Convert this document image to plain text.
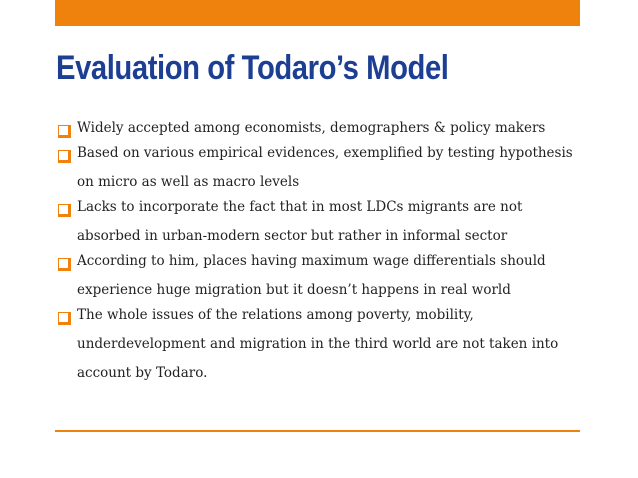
Evaluation of Todaro’s Model
Widely accepted among economists, demographers & policy makers
Based on various empirical evidences, exemplified by testing hypothesis on micro as well as macro levels
Lacks to incorporate the fact that in most LDCs migrants are not absorbed in urban-modern sector but rather in informal sector
According to him, places having maximum wage differentials should experience huge migration but it doesn’t happens in real world
The whole issues of the relations among poverty, mobility, underdevelopment and migration in the third world are not taken into account by Todaro.
